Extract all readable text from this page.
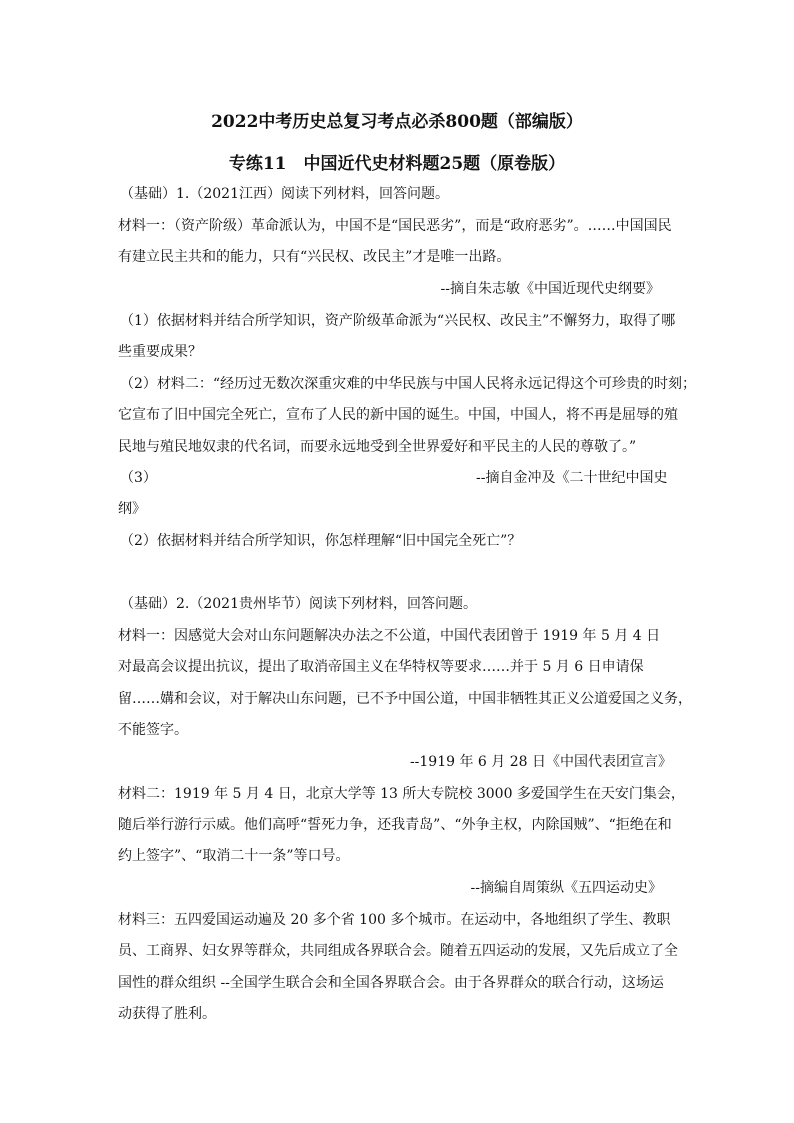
2022中考历史总复习考点必杀800题（部编版）
专练11　中国近代史材料题25题（原卷版）
（基础）1.（2021江西）阅读下列材料，回答问题。
材料一：（资产阶级）革命派认为，中国不是“国民恶劣”，而是“政府恶劣”。……中国国民
有建立民主共和的能力，只有“兴民权、改民主”才是唯一出路。
--摘自朱志敏《中国近现代史纲要》
（1）依据材料并结合所学知识，资产阶级革命派为“兴民权、改民主”不懈努力，取得了哪
些重要成果？
（2）材料二：“经历过无数次深重灾难的中华民族与中国人民将永远记得这个可珍贵的时刻；
它宣布了旧中国完全死亡，宣布了人民的新中国的诞生。中国，中国人，将不再是屈辱的殖
民地与殖民地奴隶的代名词，而要永远地受到全世界爱好和平民主的人民的尊敬了。”
（3）	--摘自金冲及《二十世纪中国史
纲》
（2）依据材料并结合所学知识，你怎样理解“旧中国完全死亡”？
（基础）2.（2021贵州毕节）阅读下列材料，回答问题。
材料一：因感觉大会对山东问题解决办法之不公道，中国代表团曾于 1919 年 5 月 4 日
对最高会议提出抗议，提出了取消帝国主义在华特权等要求……并于 5 月 6 日申请保
留……媾和会议，对于解决山东问题，已不予中国公道，中国非牺牲其正义公道爱国之义务，
不能签字。
--1919 年 6 月 28 日《中国代表团宣言》
材料二：1919 年 5 月 4 日，北京大学等 13 所大专院校 3000 多爱国学生在天安门集会，
随后举行游行示威。他们高呼“誓死力争，还我青岛”、“外争主权，内除国贼”、“拒绝在和
约上签字”、“取消二十一条”等口号。
--摘编自周策纵《五四运动史》
材料三：五四爱国运动遍及 20 多个省 100 多个城市。在运动中，各地组织了学生、教职
员、工商界、妇女界等群众，共同组成各界联合会。随着五四运动的发展，又先后成立了全
国性的群众组织 --全国学生联合会和全国各界联合会。由于各界群众的联合行动，这场运
动获得了胜利。
